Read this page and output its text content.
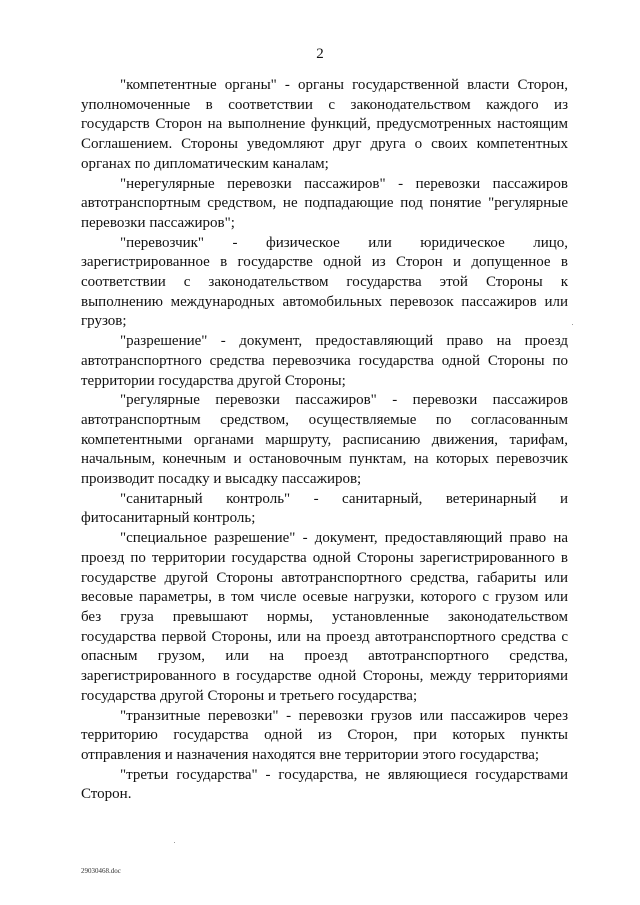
2

"компетентные органы" - органы государственной власти Сторон, уполномоченные в соответствии с законодательством каждого из государств Сторон на выполнение функций, предусмотренных настоящим Соглашением. Стороны уведомляют друг друга о своих компетентных органах по дипломатическим каналам;

"нерегулярные перевозки пассажиров" - перевозки пассажиров автотранспортным средством, не подпадающие под понятие "регулярные перевозки пассажиров";

"перевозчик" - физическое или юридическое лицо, зарегистрированное в государстве одной из Сторон и допущенное в соответствии с законодательством государства этой Стороны к выполнению международных автомобильных перевозок пассажиров или грузов;

"разрешение" - документ, предоставляющий право на проезд автотранспортного средства перевозчика государства одной Стороны по территории государства другой Стороны;

"регулярные перевозки пассажиров" - перевозки пассажиров автотранспортным средством, осуществляемые по согласованным компетентными органами маршруту, расписанию движения, тарифам, начальным, конечным и остановочным пунктам, на которых перевозчик производит посадку и высадку пассажиров;

"санитарный контроль" - санитарный, ветеринарный и фитосанитарный контроль;

"специальное разрешение" - документ, предоставляющий право на проезд по территории государства одной Стороны зарегистрированного в государстве другой Стороны автотранспортного средства, габариты или весовые параметры, в том числе осевые нагрузки, которого с грузом или без груза превышают нормы, установленные законодательством государства первой Стороны, или на проезд автотранспортного средства с опасным грузом, или на проезд автотранспортного средства, зарегистрированного в государстве одной Стороны, между территориями государства другой Стороны и третьего государства;

"транзитные перевозки" - перевозки грузов или пассажиров через территорию государства одной из Сторон, при которых пункты отправления и назначения находятся вне территории этого государства;

"третьи государства" - государства, не являющиеся государствами Сторон.

29030468.doc
